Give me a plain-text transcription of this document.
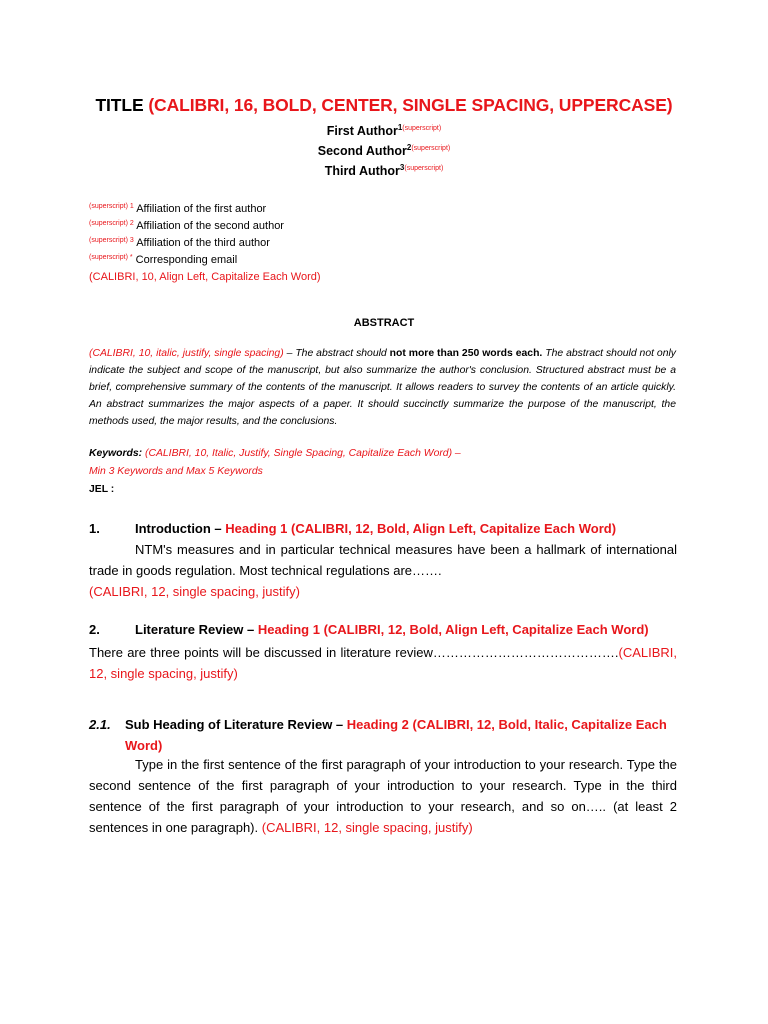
TITLE (CALIBRI, 16, BOLD, CENTER, SINGLE SPACING, UPPERCASE)
First Author$^{1(superscript)}$
Second Author$^{2(superscript)}$
Third Author$^{3(superscript)}$
$^{(superscript) 1}$ Affiliation of the first author
$^{(superscript) 2}$ Affiliation of the second author
$^{(superscript) 3}$ Affiliation of the third author
$^{(superscript) *}$ Corresponding email
(CALIBRI, 10, Align Left, Capitalize Each Word)
ABSTRACT
(CALIBRI, 10, italic, justify, single spacing) – The abstract should not more than 250 words each. The abstract should not only indicate the subject and scope of the manuscript, but also summarize the author's conclusion. Structured abstract must be a brief, comprehensive summary of the contents of the manuscript. It allows readers to survey the contents of an article quickly. An abstract summarizes the major aspects of a paper. It should succinctly summarize the purpose of the manuscript, the methods used, the major results, and the conclusions.
Keywords: (CALIBRI, 10, Italic, Justify, Single Spacing, Capitalize Each Word) –
Min 3 Keywords and Max 5 Keywords
JEL :
1.	Introduction – Heading 1 (CALIBRI, 12, Bold, Align Left, Capitalize Each Word)
NTM's measures and in particular technical measures have been a hallmark of international trade in goods regulation. Most technical regulations are…….
(CALIBRI, 12, single spacing, justify)
2.	Literature Review – Heading 1 (CALIBRI, 12, Bold, Align Left, Capitalize Each Word)
There are three points will be discussed in literature review…………………………………….(CALIBRI, 12, single spacing, justify)
2.1. Sub Heading of Literature Review – Heading 2 (CALIBRI, 12, Bold, Italic, Capitalize Each Word)
Type in the first sentence of the first paragraph of your introduction to your research. Type the second sentence of the first paragraph of your introduction to your research. Type in the third sentence of the first paragraph of your introduction to your research, and so on….. (at least 2 sentences in one paragraph). (CALIBRI, 12, single spacing, justify)
